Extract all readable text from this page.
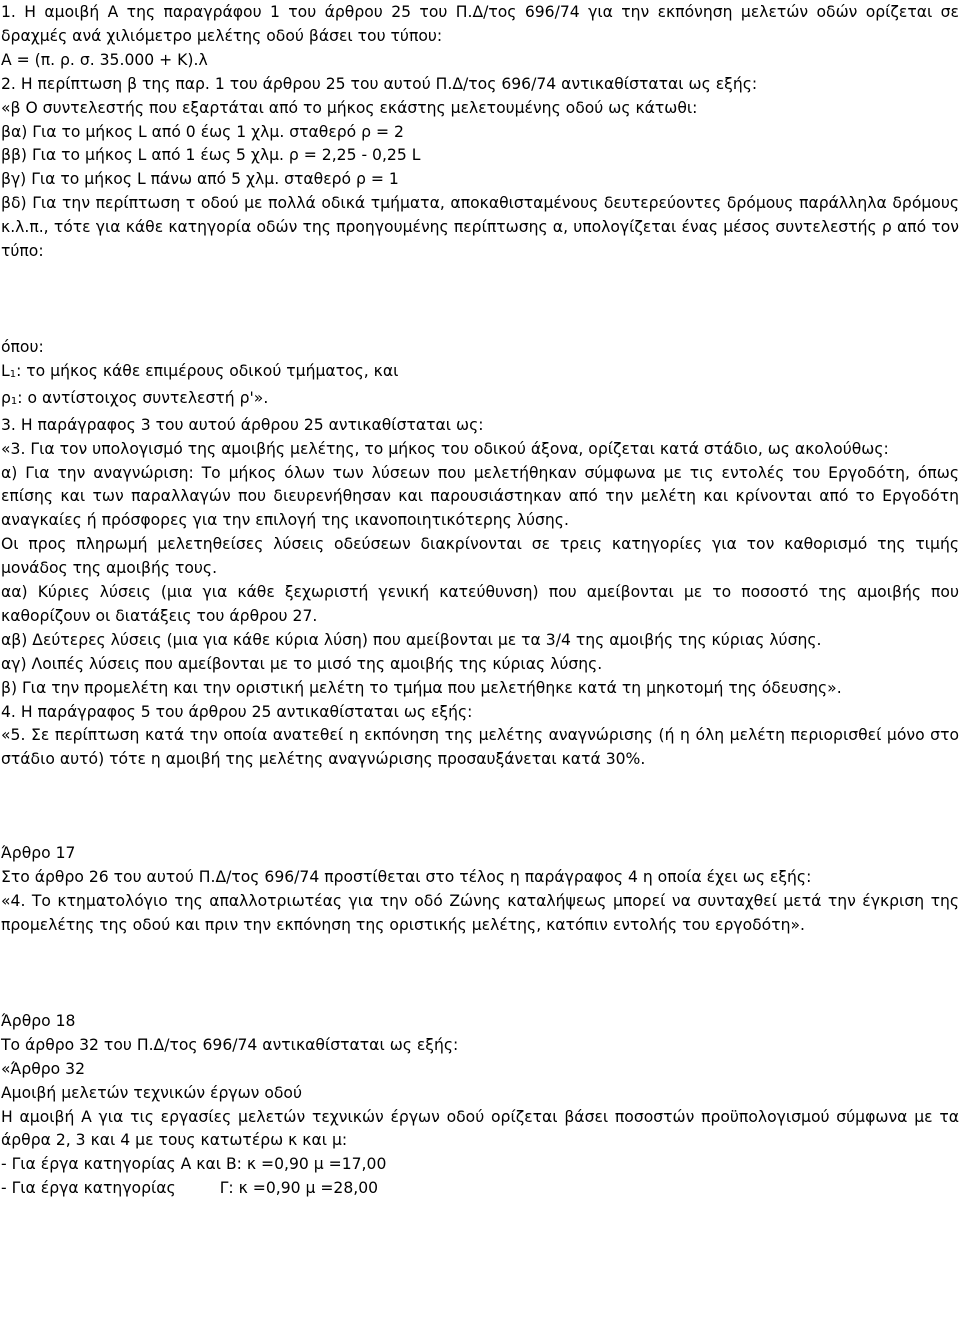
1. Η αμοιβή Α της παραγράφου 1 του άρθρου 25 του Π.Δ/τος 696/74 για την εκπόνηση μελετών οδών ορίζεται σε δραχμές ανά χιλιόμετρο μελέτης οδού βάσει του τύπου:

Α = (π. ρ. σ. 35.000 + Κ).λ

2. Η περίπτωση β της παρ. 1 του άρθρου 25 του αυτού Π.Δ/τος 696/74 αντικαθίσταται ως εξής:

«β Ο συντελεστής που εξαρτάται από το μήκος εκάστης μελετουμένης οδού ως κάτωθι:

βα) Για το μήκος L από 0 έως 1 χλμ. σταθερό ρ = 2

ββ) Για το μήκος L από 1 έως 5 χλμ. ρ = 2,25 - 0,25 L

βγ) Για το μήκος L πάνω από 5 χλμ. σταθερό ρ = 1

βδ) Για την περίπτωση τ οδού με πολλά οδικά τμήματα, αποκαθισταμένους δευτερεύοντες δρόμους παράλληλα δρόμους κ.λ.π., τότε για κάθε κατηγορία οδών της προηγουμένης περίπτωσης α, υπολογίζεται ένας μέσος συντελεστής ρ από τον τύπο:

όπου:

L1: το μήκος κάθε επιμέρους οδικού τμήματος, και

ρ1: ο αντίστοιχος συντελεστή ρ'».

3. Η παράγραφος 3 του αυτού άρθρου 25 αντικαθίσταται ως:

«3. Για τον υπολογισμό της αμοιβής μελέτης, το μήκος του οδικού άξονα, ορίζεται κατά στάδιο, ως ακολούθως:

α) Για την αναγνώριση: Το μήκος όλων των λύσεων που μελετήθηκαν σύμφωνα με τις εντολές του Εργοδότη, όπως επίσης και των παραλλαγών που διευρενήθησαν και παρουσιάστηκαν από την μελέτη και κρίνονται από το Εργοδότη αναγκαίες ή πρόσφορες για την επιλογή της ικανοποιητικότερης λύσης.

Οι προς πληρωμή μελετηθείσες λύσεις οδεύσεων διακρίνονται σε τρεις κατηγορίες για τον καθορισμό της τιμής μονάδος της αμοιβής τους.

αα) Κύριες λύσεις (μια για κάθε ξεχωριστή γενική κατεύθυνση) που αμείβονται με το ποσοστό της αμοιβής που καθορίζουν οι διατάξεις του άρθρου 27.

αβ) Δεύτερες λύσεις (μια για κάθε κύρια λύση) που αμείβονται με τα 3/4 της αμοιβής της κύριας λύσης.

αγ) Λοιπές λύσεις που αμείβονται με το μισό της αμοιβής της κύριας λύσης.

β) Για την προμελέτη και την οριστική μελέτη το τμήμα που μελετήθηκε κατά τη μηκοτομή της όδευσης».

4. Η παράγραφος 5 του άρθρου 25 αντικαθίσταται ως εξής:

«5. Σε περίπτωση κατά την οποία ανατεθεί η εκπόνηση της μελέτης αναγνώρισης (ή η όλη μελέτη περιορισθεί μόνο στο στάδιο αυτό) τότε η αμοιβή της μελέτης αναγνώρισης προσαυξάνεται κατά 30%.

Άρθρο 17

Στο άρθρο 26 του αυτού Π.Δ/τος 696/74 προστίθεται στο τέλος η παράγραφος 4 η οποία έχει ως εξής:

«4. Το κτηματολόγιο της απαλλοτριωτέας για την οδό Ζώνης καταλήψεως μπορεί να συνταχθεί μετά την έγκριση της προμελέτης της οδού και πριν την εκπόνηση της οριστικής μελέτης, κατόπιν εντολής του εργοδότη».

Άρθρο 18

Το άρθρο 32 του Π.Δ/τος 696/74 αντικαθίσταται ως εξής:

«Άρθρο 32

Αμοιβή μελετών τεχνικών έργων οδού

Η αμοιβή Α για τις εργασίες μελετών τεχνικών έργων οδού ορίζεται βάσει ποσοστών προϋπολογισμού σύμφωνα με τα άρθρα 2, 3 και 4 με τους κατωτέρω κ και μ:

- Για έργα κατηγορίας Α και Β: κ =0,90 μ =17,00

- Για έργα κατηγορίας	Γ: κ =0,90 μ =28,00
